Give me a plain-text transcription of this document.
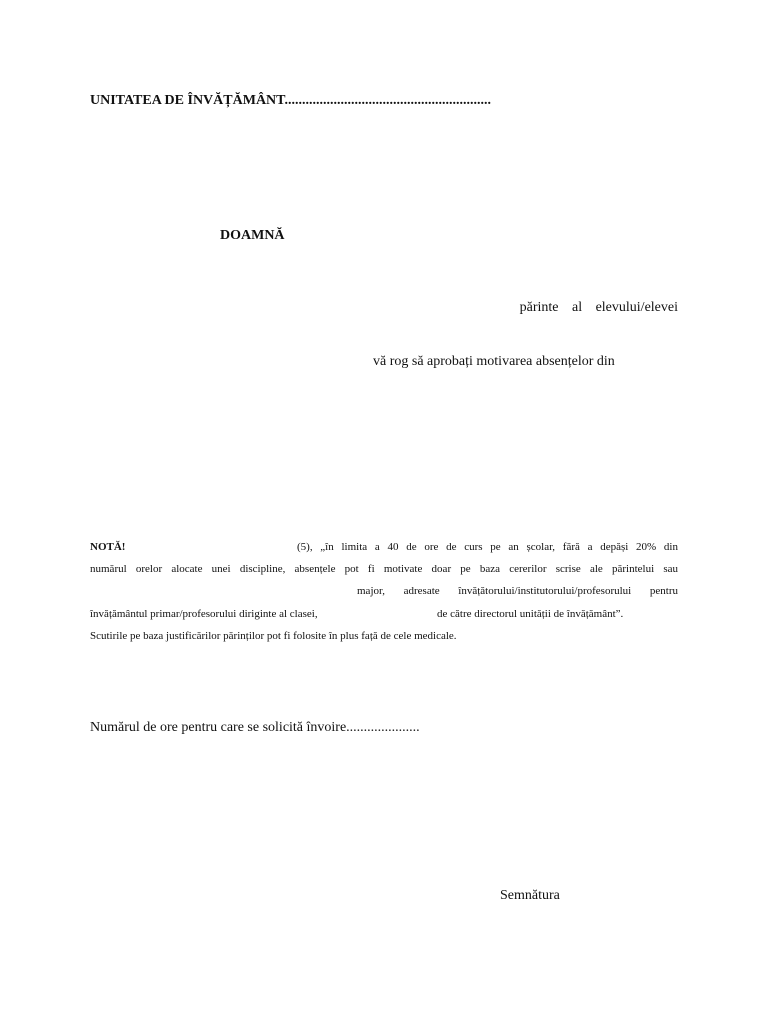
UNITATEA DE ÎNVĂȚĂMÂNT...........................................................
DOAMNĂ
părinte al elevului/elevei
vă rog să aprobați motivarea absențelor din
NOTĂ!	(5), „în limita a 40 de ore de curs pe an școlar, fără a depăși 20% din
numărul orelor alocate unei discipline, absențele pot fi motivate doar pe baza cererilor scrise ale părintelui sau
major, adresate învățătorului/institutorului/profesorului pentru
învățământul primar/profesorului diriginte al clasei,	de către directorul unității de învățământ”.
Scutirile pe baza justificărilor părinților pot fi folosite în plus față de cele medicale.
Numărul de ore pentru care se solicită învoire.....................
Semnătura
